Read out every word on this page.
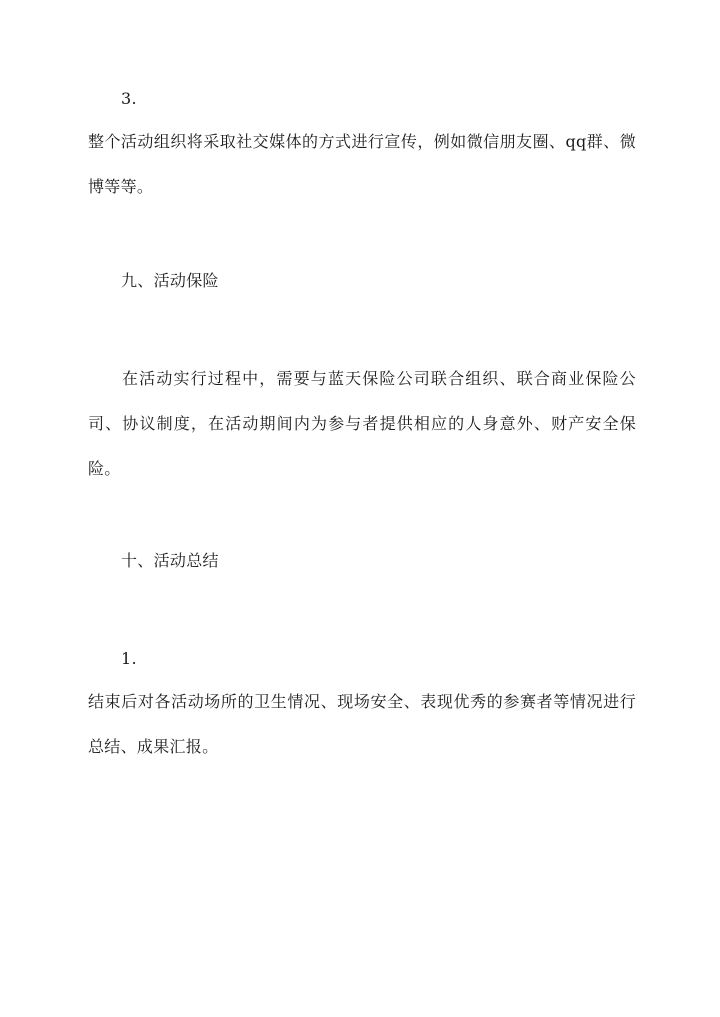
3.
整个活动组织将采取社交媒体的方式进行宣传，例如微信朋友圈、qq群、微博等等。
九、活动保险
在活动实行过程中，需要与蓝天保险公司联合组织、联合商业保险公司、协议制度，在活动期间内为参与者提供相应的人身意外、财产安全保险。
十、活动总结
1.
结束后对各活动场所的卫生情况、现场安全、表现优秀的参赛者等情况进行总结、成果汇报。
